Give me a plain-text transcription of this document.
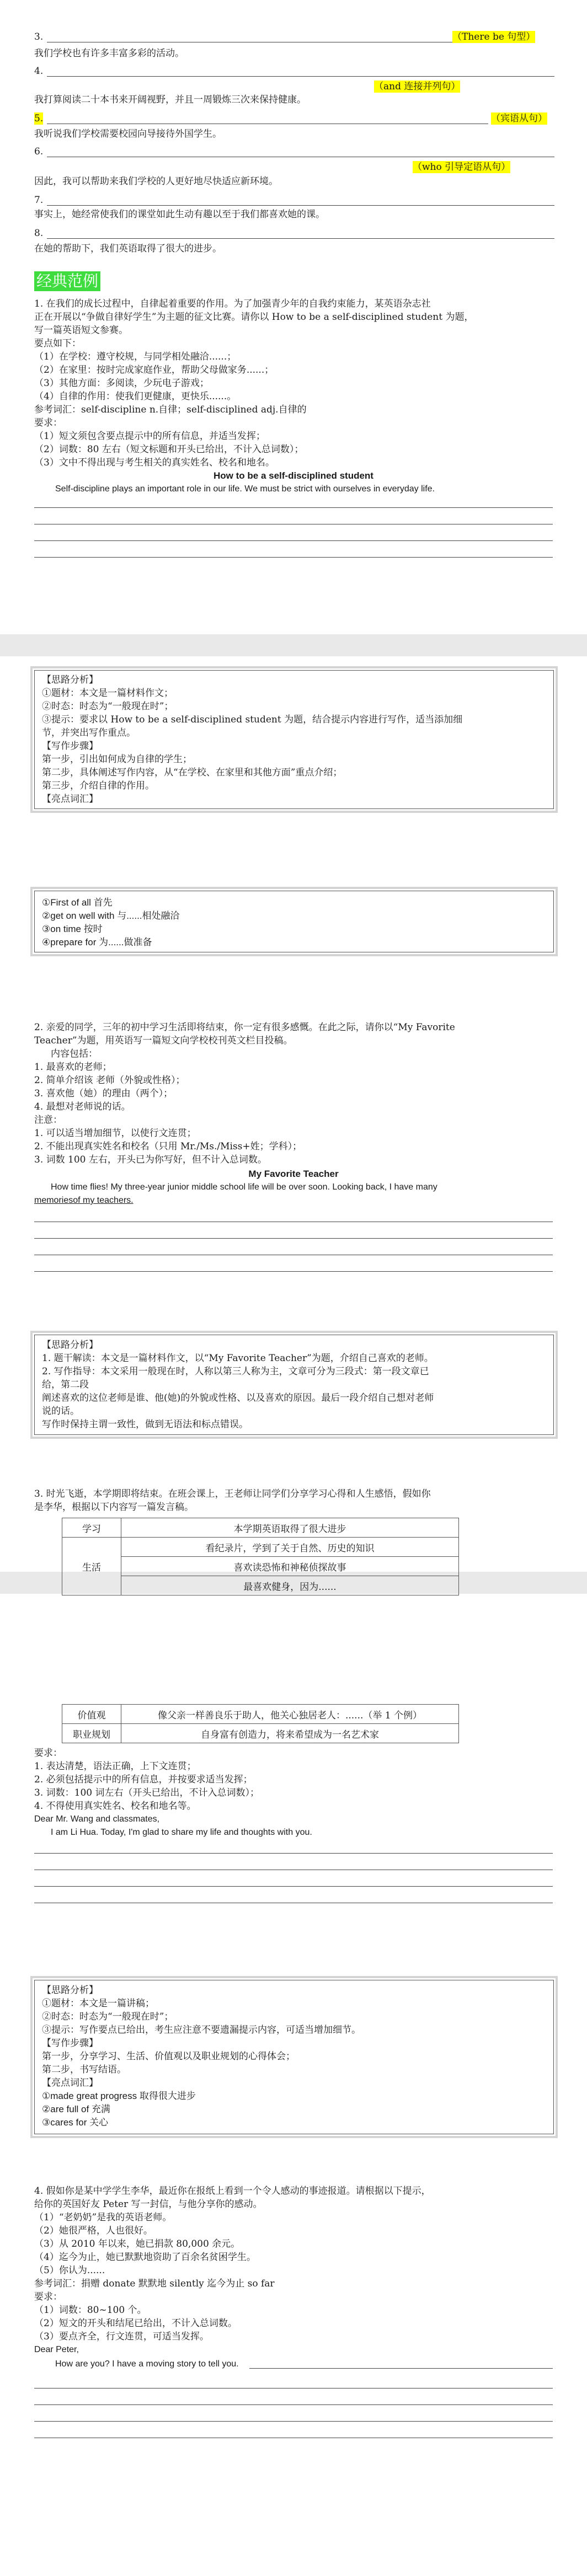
3.	（There be 句型）
我们学校也有许多丰富多彩的活动。
4.
（and 连接并列句）
我打算阅读二十本书来开阔视野，并且一周锻炼三次来保持健康。
5.	（宾语从句）
我听说我们学校需要校园向导接待外国学生。
6.
（who 引导定语从句）
因此，我可以帮助来我们学校的人更好地尽快适应新环境。
7.
事实上，她经常使我们的课堂如此生动有趣以至于我们都喜欢她的课。
8.
在她的帮助下，我们英语取得了很大的进步。
经典范例
1. 在我们的成长过程中，自律起着重要的作用。为了加强青少年的自我约束能力，某英语杂志社
正在开展以“争做自律好学生”为主题的征文比赛。请你以 How to be a self-disciplined student 为题，
写一篇英语短文参赛。
要点如下：
（1）在学校：遵守校规，与同学相处融洽......；
（2）在家里：按时完成家庭作业，帮助父母做家务......；
（3）其他方面：多阅读，少玩电子游戏；
（4）自律的作用：使我们更健康，更快乐......。
参考词汇：self-discipline n.自律；self-disciplined adj.自律的
要求：
（1）短文须包含要点提示中的所有信息，并适当发挥；
（2）词数：80 左右（短文标题和开头已给出，不计入总词数）；
（3）文中不得出现与考生相关的真实姓名、校名和地名。
How to be a self-disciplined student
Self-discipline plays an important role in our life. We must be strict with ourselves in everyday life.
【思路分析】
①题材：本文是一篇材料作文；
②时态：时态为“一般现在时”；
③提示：要求以 How to be a self-disciplined student 为题，结合提示内容进行写作，适当添加细
节，并突出写作重点。
【写作步骤】
第一步，引出如何成为自律的学生；
第二步，具体阐述写作内容，从“在学校、在家里和其他方面”重点介绍；
第三步，介绍自律的作用。
【亮点词汇】
①First of all 首先
②get on well with 与......相处融洽
③on time 按时
④prepare for 为......做准备
2. 亲爱的同学，三年的初中学习生活即将结束，你一定有很多感慨。在此之际，请你以“My Favorite
Teacher”为题，用英语写一篇短文向学校校刊英文栏目投稿。
内容包括：
1. 最喜欢的老师；
2. 简单介绍该 老师（外貌或性格）；
3. 喜欢他（她）的理由（两个）；
4. 最想对老师说的话。
注意：
1. 可以适当增加细节，以使行文连贯；
2. 不能出现真实姓名和校名（只用 Mr./Ms./Miss+姓；学科）；
3. 词数 100 左右，开头已为你写好，但不计入总词数。
My Favorite Teacher
How time flies! My three-year junior middle school life will be over soon. Looking back, I have many
memoriesof my teachers.
【思路分析】
1. 题干解读：本文是一篇材料作文，以“My Favorite Teacher”为题，介绍自己喜欢的老师。
2. 写作指导：本文采用一般现在时，人称以第三人称为主，文章可分为三段式：第一段文章已
给，第二段
阐述喜欢的这位老师是谁、他(她)的外貌或性格、以及喜欢的原因。最后一段介绍自己想对老师
说的话。
写作时保持主谓一致性，做到无语法和标点错误。
3. 时光飞逝，本学期即将结束。在班会课上，王老师让同学们分享学习心得和人生感悟，假如你
是李华，根据以下内容写一篇发言稿。
学习	本学期英语取得了很大进步
生活	看纪录片，学到了关于自然、历史的知识
	喜欢读恐怖和神秘侦探故事
	最喜欢健身，因为......
价值观	像父亲一样善良乐于助人，他关心独居老人：......（举 1 个例）
职业规划	自身富有创造力，将来希望成为一名艺术家
要求：
1. 表达清楚，语法正确，上下文连贯；
2. 必须包括提示中的所有信息，并按要求适当发挥；
3. 词数：100 词左右（开头已给出，不计入总词数）；
4. 不得使用真实姓名、校名和地名等。
Dear Mr. Wang and classmates,
I am Li Hua. Today, I'm glad to share my life and thoughts with you.
【思路分析】
①题材：本文是一篇讲稿；
②时态：时态为“一般现在时”；
③提示：写作要点已给出，考生应注意不要遗漏提示内容，可适当增加细节。
【写作步骤】
第一步，分享学习、生活、价值观以及职业规划的心得体会；
第二步，书写结语。
【亮点词汇】
①made great progress 取得很大进步
②are full of 充满
③cares for 关心
4. 假如你是某中学学生李华，最近你在报纸上看到一个令人感动的事迹报道。请根据以下提示，
给你的英国好友 Peter 写一封信，与他分享你的感动。
（1）“老奶奶”是我的英语老师。
（2）她很严格，人也很好。
（3）从 2010 年以来，她已捐款 80,000 余元。
（4）迄今为止，她已默默地资助了百余名贫困学生。
（5）你认为......
参考词汇：捐赠 donate 默默地 silently 迄今为止 so far
要求：
（1）词数：80~100 个。
（2）短文的开头和结尾已给出，不计入总词数。
（3）要点齐全，行文连贯，可适当发挥。
Dear Peter,
How are you? I have a moving story to tell you.
